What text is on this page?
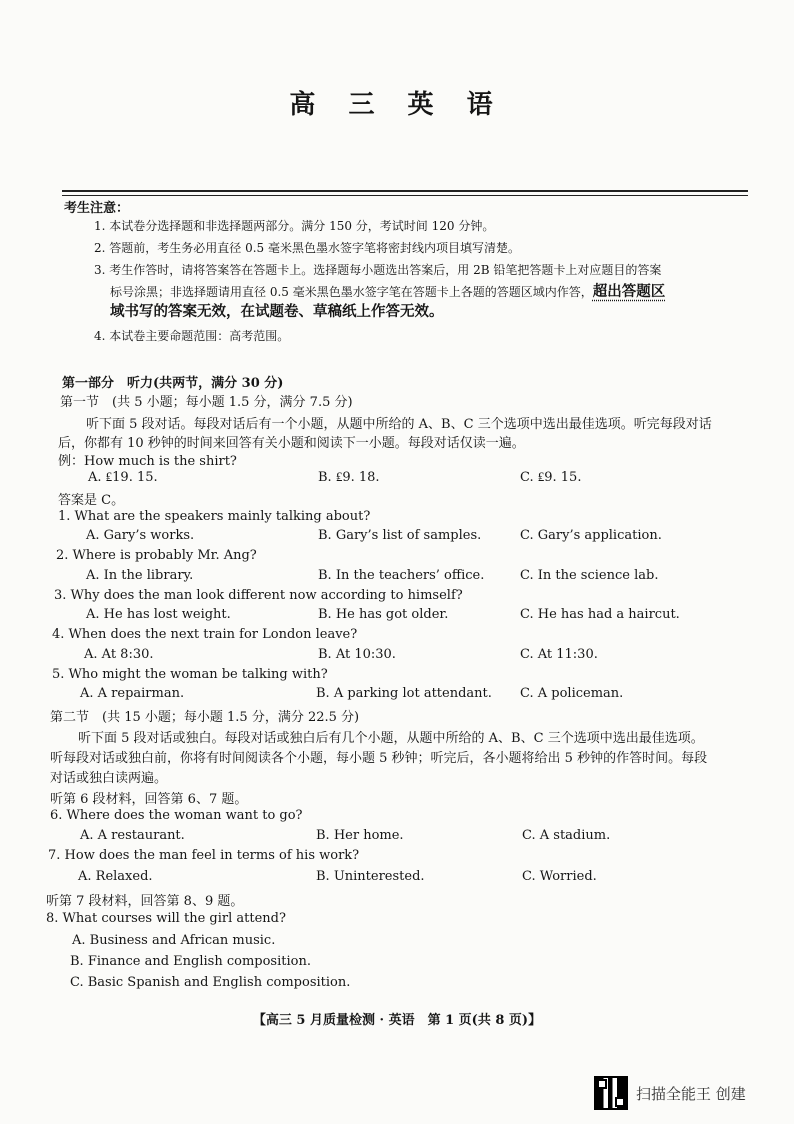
高 三 英 语
考生注意：
1. 本试卷分选择题和非选择题两部分。满分 150 分，考试时间 120 分钟。
2. 答题前，考生务必用直径 0.5 毫米黑色墨水签字笔将密封线内项目填写清楚。
3. 考生作答时，请将答案答在答题卡上。选择题每小题选出答案后，用 2B 铅笔把答题卡上对应题目的答案
标号涂黑；非选择题请用直径 0.5 毫米黑色墨水签字笔在答题卡上各题的答题区域内作答，超出答题区
域书写的答案无效，在试题卷、草稿纸上作答无效。
4. 本试卷主要命题范围：高考范围。
第一部分　听力(共两节，满分 30 分)
第一节　(共 5 小题；每小题 1.5 分，满分 7.5 分)
听下面 5 段对话。每段对话后有一个小题，从题中所给的 A、B、C 三个选项中选出最佳选项。听完每段对话
后，你都有 10 秒钟的时间来回答有关小题和阅读下一小题。每段对话仅读一遍。
例：How much is the shirt?
A. ₤19. 15.	B. ₤9. 18.	C. ₤9. 15.
答案是 C。
1. What are the speakers mainly talking about?
A. Gary’s works.	B. Gary’s list of samples.	C. Gary’s application.
2. Where is probably Mr. Ang?
A. In the library.	B. In the teachers’ office.	C. In the science lab.
3. Why does the man look different now according to himself?
A. He has lost weight.	B. He has got older.	C. He has had a haircut.
4. When does the next train for London leave?
A. At 8:30.	B. At 10:30.	C. At 11:30.
5. Who might the woman be talking with?
A. A repairman.	B. A parking lot attendant. C. A policeman.
第二节　(共 15 小题；每小题 1.5 分，满分 22.5 分)
听下面 5 段对话或独白。每段对话或独白后有几个小题，从题中所给的 A、B、C 三个选项中选出最佳选项。
听每段对话或独白前，你将有时间阅读各个小题，每小题 5 秒钟；听完后，各小题将给出 5 秒钟的作答时间。每段
对话或独白读两遍。
听第 6 段材料，回答第 6、7 题。
6. Where does the woman want to go?
A. A restaurant.	B. Her home.	C. A stadium.
7. How does the man feel in terms of his work?
A. Relaxed.	B. Uninterested.	C. Worried.
听第 7 段材料，回答第 8、9 题。
8. What courses will the girl attend?
A. Business and African music.
B. Finance and English composition.
C. Basic Spanish and English composition.
【高三 5 月质量检测 · 英语　第 1 页(共 8 页)】
扫描全能王 创建
